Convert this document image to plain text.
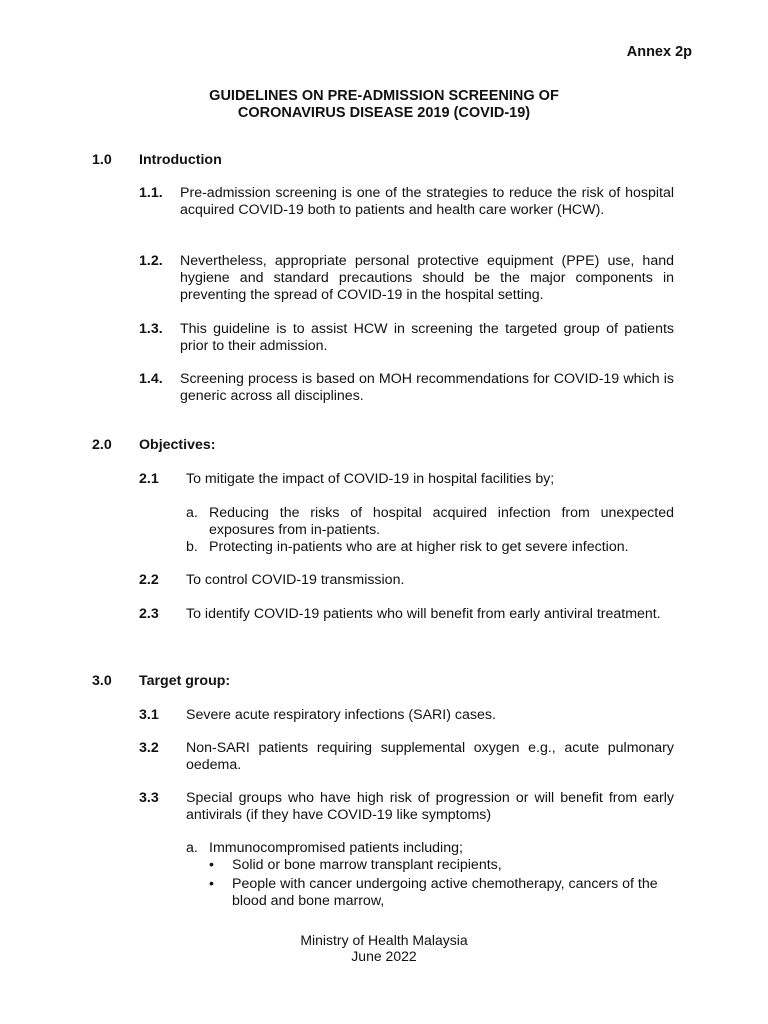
Annex 2p
GUIDELINES ON PRE-ADMISSION SCREENING OF
CORONAVIRUS DISEASE 2019 (COVID-19)
1.0 Introduction
1.1. Pre-admission screening is one of the strategies to reduce the risk of hospital acquired COVID-19 both to patients and health care worker (HCW).
1.2. Nevertheless, appropriate personal protective equipment (PPE) use, hand hygiene and standard precautions should be the major components in preventing the spread of COVID-19 in the hospital setting.
1.3. This guideline is to assist HCW in screening the targeted group of patients prior to their admission.
1.4. Screening process is based on MOH recommendations for COVID-19 which is generic across all disciplines.
2.0 Objectives:
2.1 To mitigate the impact of COVID-19 in hospital facilities by;
a. Reducing the risks of hospital acquired infection from unexpected exposures from in-patients.
b. Protecting in-patients who are at higher risk to get severe infection.
2.2 To control COVID-19 transmission.
2.3 To identify COVID-19 patients who will benefit from early antiviral treatment.
3.0 Target group:
3.1 Severe acute respiratory infections (SARI) cases.
3.2 Non-SARI patients requiring supplemental oxygen e.g., acute pulmonary oedema.
3.3 Special groups who have high risk of progression or will benefit from early antivirals (if they have COVID-19 like symptoms)
a. Immunocompromised patients including;
• Solid or bone marrow transplant recipients,
• People with cancer undergoing active chemotherapy, cancers of the blood and bone marrow,
Ministry of Health Malaysia
June 2022
